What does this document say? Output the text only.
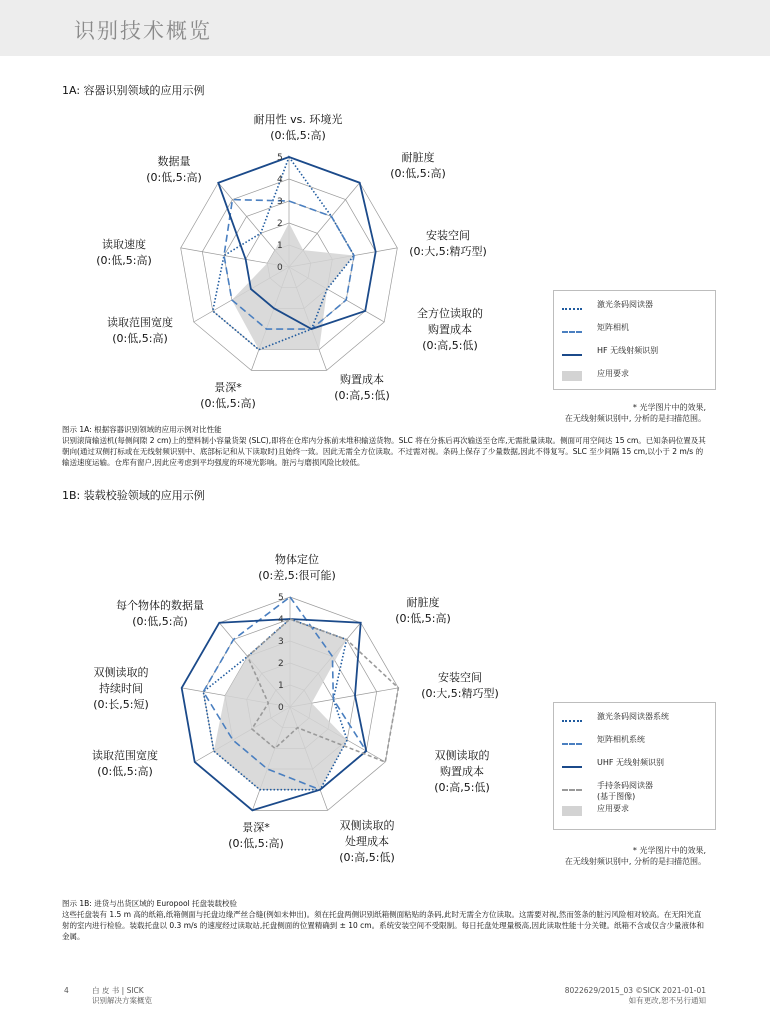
识别技术概览
1A: 容器识别领域的应用示例
0
1
2
3
4
5
耐用性 vs. 环境光
(0:低,5:高)
耐脏度
(0:低,5:高)
安装空间
(0:大,5:精巧型)
全方位读取的
购置成本
(0:高,5:低)
购置成本
(0:高,5:低)
景深*
(0:低,5:高)
读取范围宽度
(0:低,5:高)
读取速度
(0:低,5:高)
数据量
(0:低,5:高)
激光条码阅读器
矩阵相机
HF 无线射频识别
应用要求
* 光学图片中的效果,
在无线射频识别中, 分析的是扫描范围。
图示 1A: 根据容器识别领域的应用示例对比性能
识别滚筒输送机(每侧间隙 2 cm)上的塑料制小容量货架 (SLC),即将在仓库内分拣前未堆积输送货物。SLC 将在分拣后再次输送至仓库,无需批量读取。侧面可用空间达 15 cm。已知条码位置及其朝向(通过双侧打标或在无线射频识别中、底部标记和从下读取时)且始终一致。因此无需全方位读取。不过需对视。条码上保存了少量数据,因此不得复写。SLC 至少间隔 15 cm,以小于 2 m/s 的输送速度运输。仓库有窗户,因此应考虑到平均强度的环境光影响。脏污与磨损风险比较低。
1B: 装载校验领域的应用示例
0
1
2
3
4
5
物体定位
(0:差,5:很可能)
耐脏度
(0:低,5:高)
安装空间
(0:大,5:精巧型)
双侧读取的
购置成本
(0:高,5:低)
双侧读取的
处理成本
(0:高,5:低)
景深*
(0:低,5:高)
读取范围宽度
(0:低,5:高)
双侧读取的
持续时间
(0:长,5:短)
每个物体的数据量
(0:低,5:高)
激光条码阅读器系统
矩阵相机系统
UHF 无线射频识别
手持条码阅读器
(基于图像)
应用要求
* 光学图片中的效果,
在无线射频识别中, 分析的是扫描范围。
图示 1B: 进货与出货区域的 Europool 托盘装载校验
这些托盘装有 1.5 m 高的纸箱,纸箱侧面与托盘边缘严丝合缝(例如未伸出)。须在托盘两侧识别纸箱侧面粘贴的条码,此时无需全方位读取。这需要对视,然而签条的脏污风险相对较高。在无阳光直射的室内进行检验。装载托盘以 0.3 m/s 的速度经过读取站,托盘侧面的位置精确到 ± 10 cm。系统安装空间不受限制。每日托盘处理量极高,因此读取性能十分关键。纸箱不含或仅含少量液体和金属。
4	白 皮 书 | SICK
识别解决方案概览
8022629/2015_03 ©SICK 2021-01-01
如有更改,恕不另行通知
